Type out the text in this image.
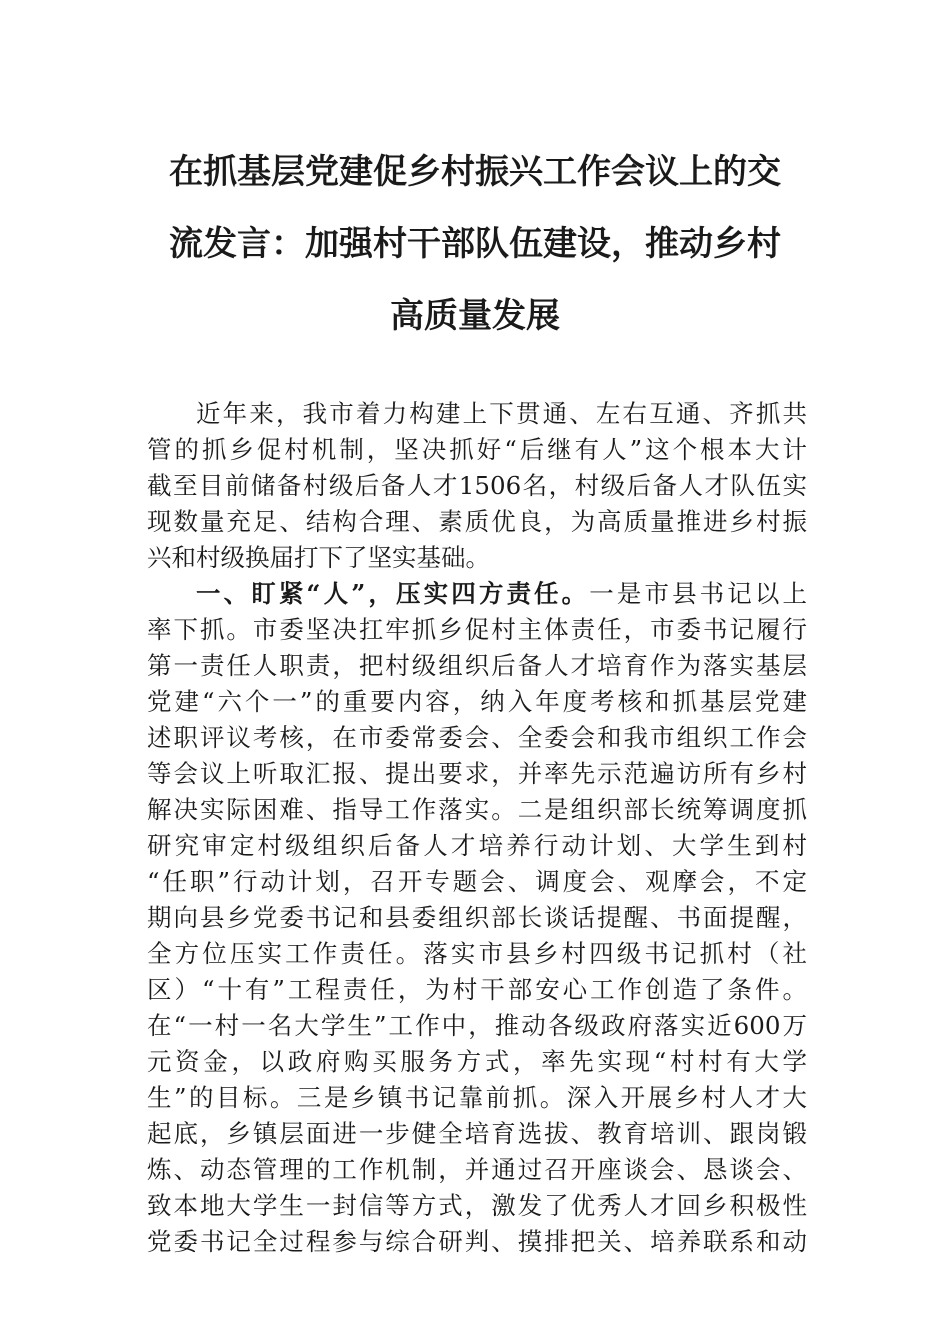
在抓基层党建促乡村振兴工作会议上的交
流发言：加强村干部队伍建设，推动乡村
高质量发展
近年来，我市着力构建上下贯通、左右互通、齐抓共
管的抓乡促村机制，坚决抓好“后继有人”这个根本大计
截至目前储备村级后备人才1506名，村级后备人才队伍实
现数量充足、结构合理、素质优良，为高质量推进乡村振
兴和村级换届打下了坚实基础。
一、盯紧“人”，压实四方责任。一是市县书记以上
率下抓。市委坚决扛牢抓乡促村主体责任，市委书记履行
第一责任人职责，把村级组织后备人才培育作为落实基层
党建“六个一”的重要内容，纳入年度考核和抓基层党建
述职评议考核，在市委常委会、全委会和我市组织工作会
等会议上听取汇报、提出要求，并率先示范遍访所有乡村
解决实际困难、指导工作落实。二是组织部长统筹调度抓
研究审定村级组织后备人才培养行动计划、大学生到村
“任职”行动计划，召开专题会、调度会、观摩会，不定
期向县乡党委书记和县委组织部长谈话提醒、书面提醒，
全方位压实工作责任。落实市县乡村四级书记抓村（社
区）“十有”工程责任，为村干部安心工作创造了条件。
在“一村一名大学生”工作中，推动各级政府落实近600万
元资金，以政府购买服务方式，率先实现“村村有大学
生”的目标。三是乡镇书记靠前抓。深入开展乡村人才大
起底，乡镇层面进一步健全培育选拔、教育培训、跟岗锻
炼、动态管理的工作机制，并通过召开座谈会、恳谈会、
致本地大学生一封信等方式，激发了优秀人才回乡积极性
党委书记全过程参与综合研判、摸排把关、培养联系和动
